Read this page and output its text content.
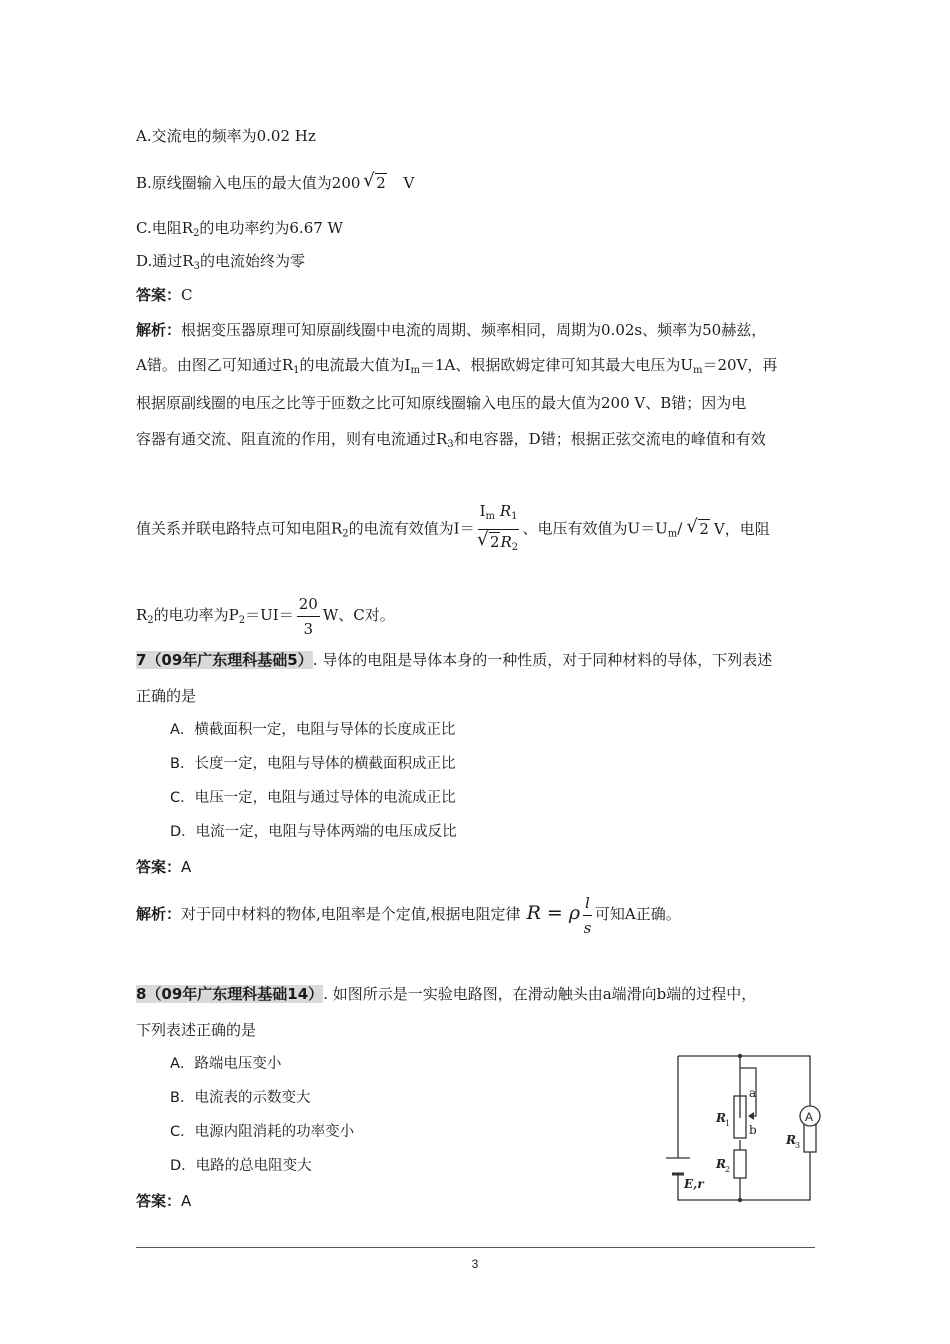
A.交流电的频率为0.02 Hz
B.原线圈输入电压的最大值为200 √ 2 V
C.电阻$R_2$的电功率约为6.67 W
D.通过$R_3$的电流始终为零
答案：C
解析：根据变压器原理可知原副线圈中电流的周期、频率相同，周期为0.02s、频率为50赫兹，
A错。由图乙可知通过$R_1$的电流最大值为$I_m=1A$、根据欧姆定律可知其最大电压为$U_m=20V$，再
根据原副线圈的电压之比等于匝数之比可知原线圈输入电压的最大值为200 V、B错；因为电
容器有通交流、阻直流的作用，则有电流通过$R_3$和电容器，D错；根据正弦交流电的峰值和有效
值关系并联电路特点可知电阻$R_2$的电流有效值为$I= I_m$ $R_1$
√ $2R_2$ 、电压有效值为$U=U_m/√$ 2 V，电阻
$R_2$的电功率为$P_2=UI= \frac{20}{3}$ W、C对。
7（09年广东理科基础5）. 导体的电阻是导体本身的一种性质，对于同种材料的导体，下列表述
正确的是
A．横截面积一定，电阻与导体的长度成正比
B．长度一定，电阻与导体的横截面积成正比
C．电压一定，电阻与通过导体的电流成正比
D．电流一定，电阻与导体两端的电压成反比
答案：A
解析：对于同中材料的物体,电阻率是个定值,根据电阻定律 R = ρ $\frac{l}{s}$ 可知A正确。
8（09年广东理科基础14）. 如图所示是一实验电路图，在滑动触头由a端滑向b端的过程中，
下列表述正确的是
A．路端电压变小
B．电流表的示数变大
C．电源内阻消耗的功率变小
D．电路的总电阻变大
答案：A
A
R 1
R 2
R 3
a
b
E,r
3
